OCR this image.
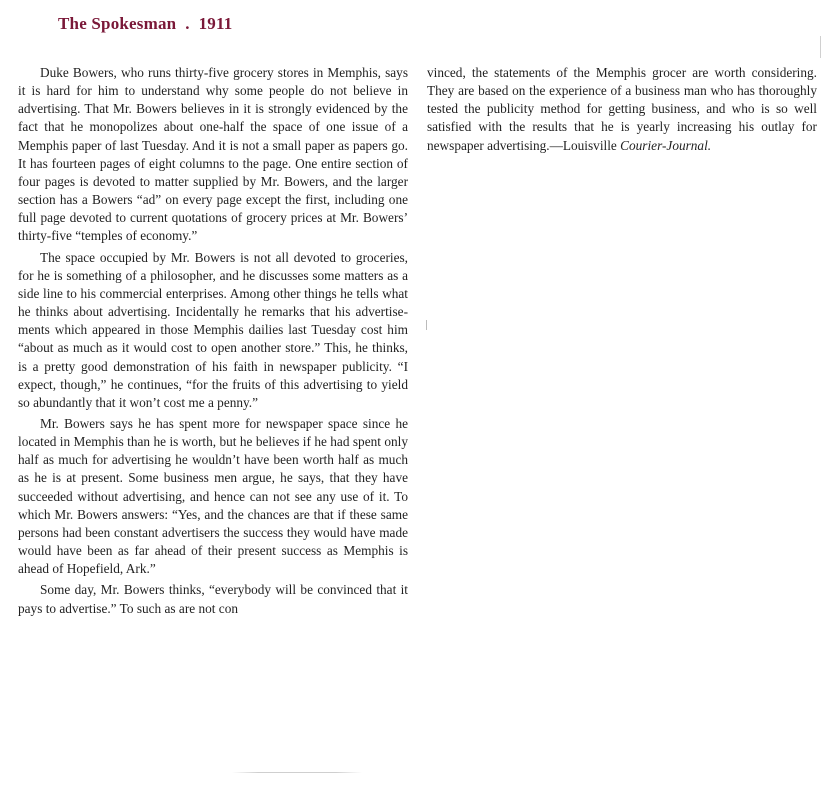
The Spokesman  .  1911

Duke Bowers, who runs thirty-five grocery stores in Memphis, says it is hard for him to understand why some people do not believe in advertising. That Mr. Bowers believes in it is strongly evidenced by the fact that he monopolizes about one-half the space of one issue of a Memphis paper of last Tuesday. And it is not a small paper as papers go. It has fourteen pages of eight columns to the page. One entire section of four pages is devoted to matter supplied by Mr. Bowers, and the larger section has a Bowers “ad” on every page except the first, including one full page devoted to current quotations of grocery prices at Mr. Bowers’ thirty-five “temples of economy.”

The space occupied by Mr. Bowers is not all devoted to groceries, for he is something of a philosopher, and he discusses some matters as a side line to his commercial enterprises. Among other things he tells what he thinks about advertising. Incidentally he remarks that his advertisements which appeared in those Memphis dailies last Tuesday cost him “about as much as it would cost to open another store.” This, he thinks, is a pretty good demonstration of his faith in newspaper publicity. “I expect, though,” he continues, “for the fruits of this advertising to yield so abundantly that it won’t cost me a penny.”

Mr. Bowers says he has spent more for newspaper space since he located in Memphis than he is worth, but he believes if he had spent only half as much for advertising he wouldn’t have been worth half as much as he is at present. Some business men argue, he says, that they have succeeded without advertising, and hence can not see any use of it. To which Mr. Bowers answers: “Yes, and the chances are that if these same persons had been constant advertisers the success they would have made would have been as far ahead of their present success as Memphis is ahead of Hopefield, Ark.”

Some day, Mr. Bowers thinks, “everybody will be convinced that it pays to advertise.” To such as are not con

vinced, the statements of the Memphis grocer are worth considering. They are based on the experience of a business man who has thoroughly tested the publicity method for getting business, and who is so well satisfied with the results that he is yearly increasing his outlay for newspaper advertising.—Louisville Courier-Journal.
